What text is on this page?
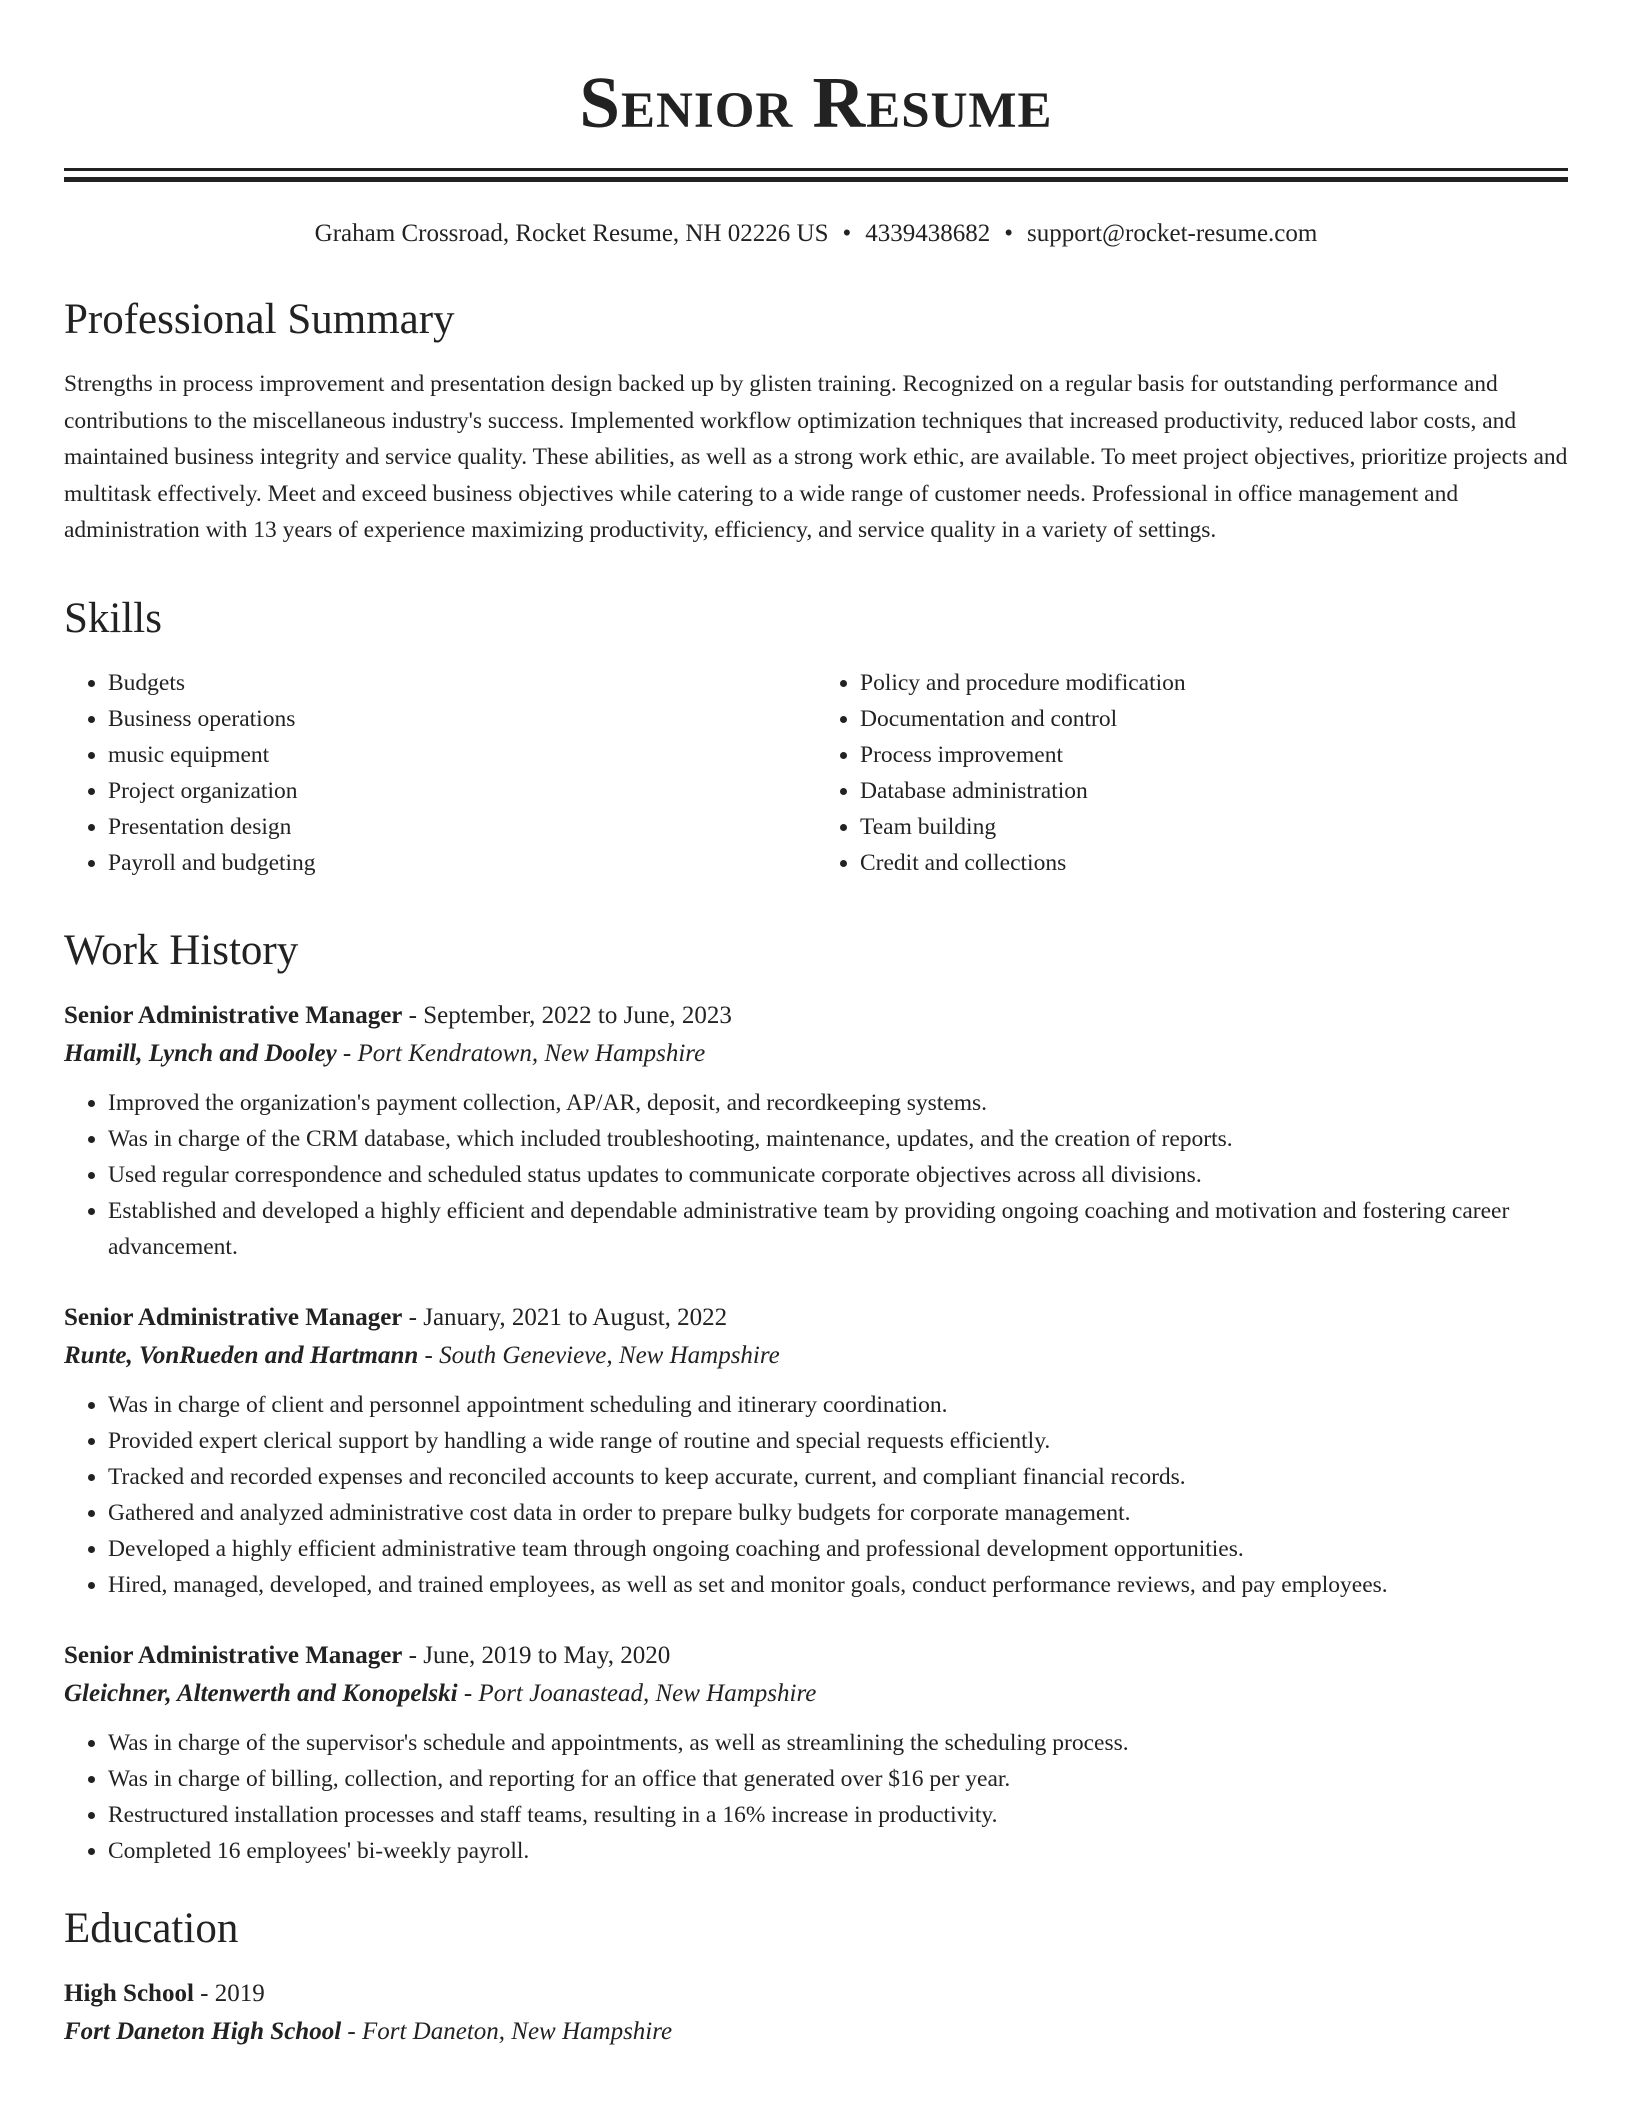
Senior Resume
Graham Crossroad, Rocket Resume, NH 02226 US • 4339438682 • support@rocket-resume.com
Professional Summary
Strengths in process improvement and presentation design backed up by glisten training. Recognized on a regular basis for outstanding performance and contributions to the miscellaneous industry's success. Implemented workflow optimization techniques that increased productivity, reduced labor costs, and maintained business integrity and service quality. These abilities, as well as a strong work ethic, are available. To meet project objectives, prioritize projects and multitask effectively. Meet and exceed business objectives while catering to a wide range of customer needs. Professional in office management and administration with 13 years of experience maximizing productivity, efficiency, and service quality in a variety of settings.
Skills
• Budgets
• Business operations
• music equipment
• Project organization
• Presentation design
• Payroll and budgeting
• Policy and procedure modification
• Documentation and control
• Process improvement
• Database administration
• Team building
• Credit and collections
Work History
Senior Administrative Manager - September, 2022 to June, 2023
Hamill, Lynch and Dooley - Port Kendratown, New Hampshire
• Improved the organization's payment collection, AP/AR, deposit, and recordkeeping systems.
• Was in charge of the CRM database, which included troubleshooting, maintenance, updates, and the creation of reports.
• Used regular correspondence and scheduled status updates to communicate corporate objectives across all divisions.
• Established and developed a highly efficient and dependable administrative team by providing ongoing coaching and motivation and fostering career advancement.
Senior Administrative Manager - January, 2021 to August, 2022
Runte, VonRueden and Hartmann - South Genevieve, New Hampshire
• Was in charge of client and personnel appointment scheduling and itinerary coordination.
• Provided expert clerical support by handling a wide range of routine and special requests efficiently.
• Tracked and recorded expenses and reconciled accounts to keep accurate, current, and compliant financial records.
• Gathered and analyzed administrative cost data in order to prepare bulky budgets for corporate management.
• Developed a highly efficient administrative team through ongoing coaching and professional development opportunities.
• Hired, managed, developed, and trained employees, as well as set and monitor goals, conduct performance reviews, and pay employees.
Senior Administrative Manager - June, 2019 to May, 2020
Gleichner, Altenwerth and Konopelski - Port Joanastead, New Hampshire
• Was in charge of the supervisor's schedule and appointments, as well as streamlining the scheduling process.
• Was in charge of billing, collection, and reporting for an office that generated over $16 per year.
• Restructured installation processes and staff teams, resulting in a 16% increase in productivity.
• Completed 16 employees' bi-weekly payroll.
Education
High School - 2019
Fort Daneton High School - Fort Daneton, New Hampshire
